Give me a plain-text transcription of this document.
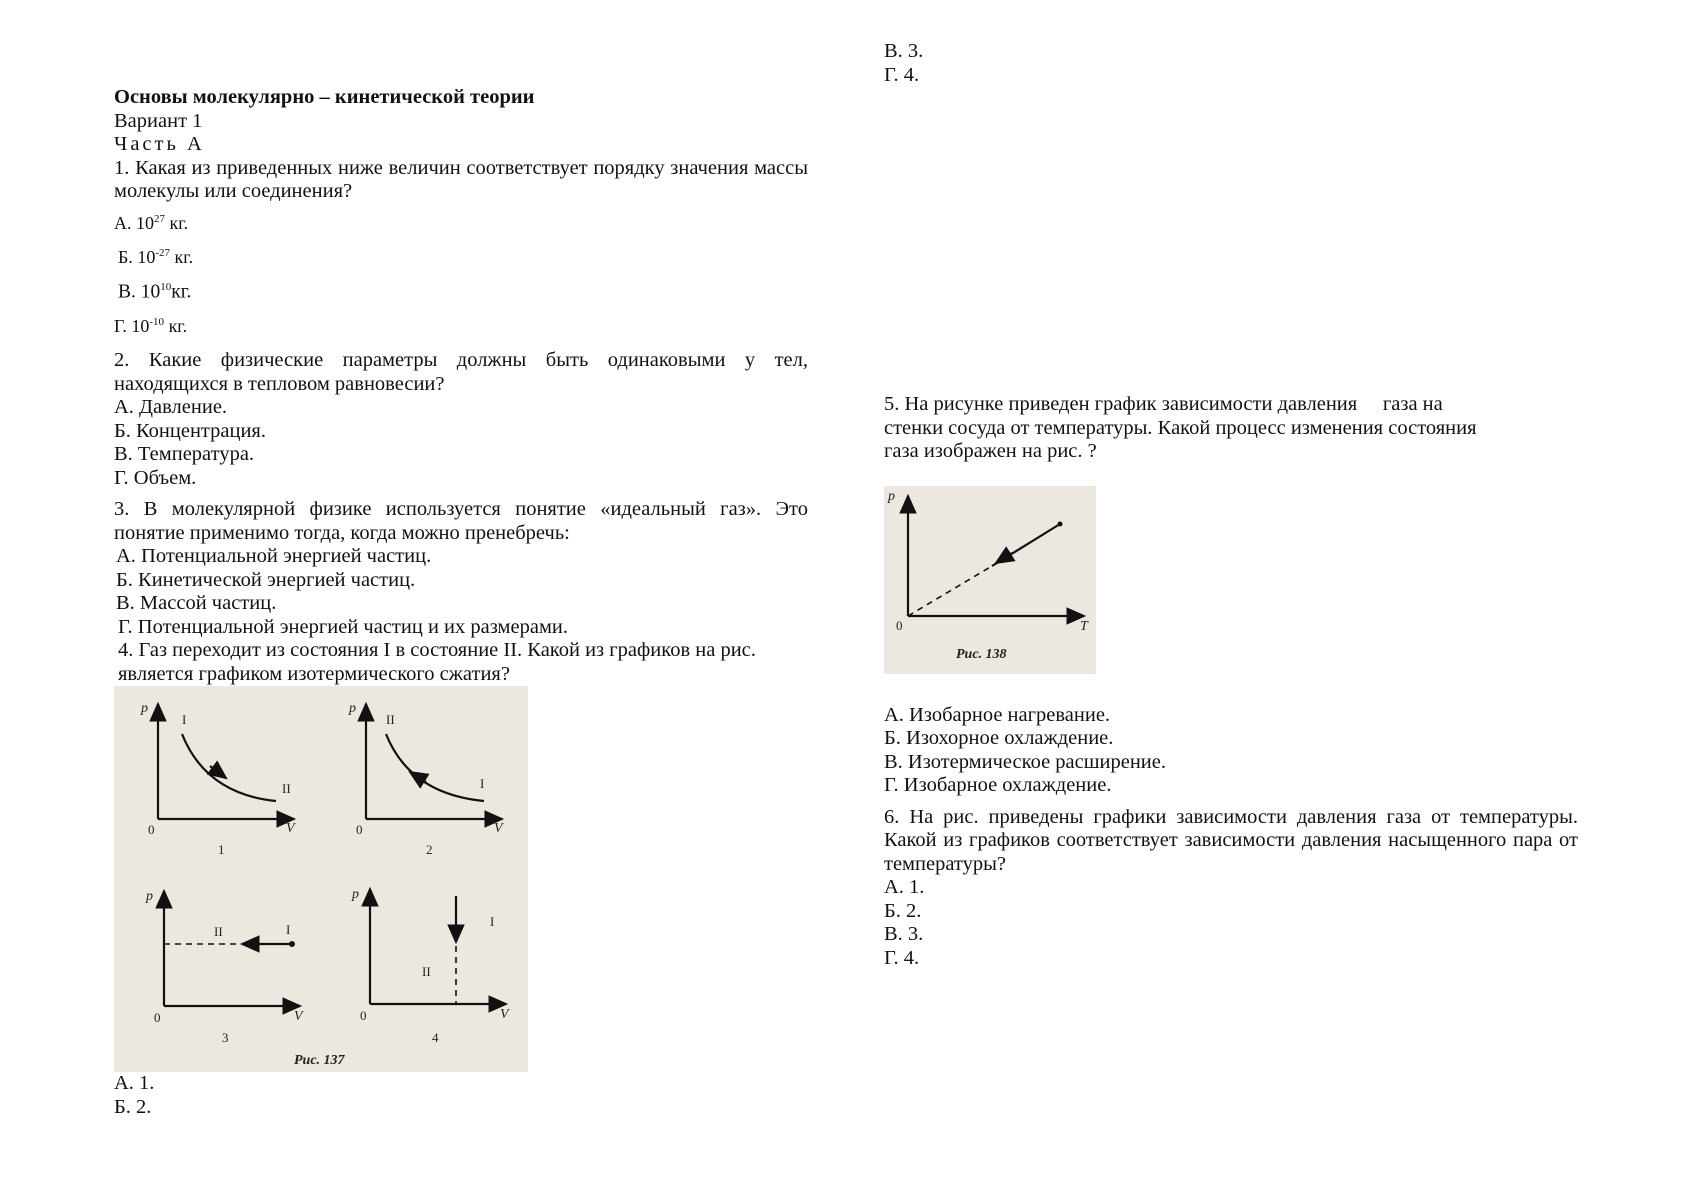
Основы молекулярно – кинетической теории
Вариант 1
Часть А
1. Какая из приведенных ниже величин соответствует порядку значения массы молекулы или соединения?
А. $10^{27}$ кг.
Б. $10^{-27}$ кг.
В. $10^{10}кг$.
Г. $10^{-10}$ кг.
2. Какие физические параметры должны быть одинаковыми у тел, находящихся в тепловом равновесии?
А. Давление.
Б. Концентрация.
В. Температура.
Г. Объем.
3. В молекулярной физике используется понятие «идеальный газ». Это понятие применимо тогда, когда можно пренебречь:
А. Потенциальной энергией частиц.
Б. Кинетической энергией частиц.
В. Массой частиц.
Г. Потенциальной энергией частиц и их размерами.
4. Газ переходит из состояния I в состояние II. Какой из графиков на рис. является графиком изотермического сжатия?
p
I
II
0	V
1
p
II
I
0	V
2
p
II	I
0	V
3
p
I
II
0	V
4
Рис. 137
А. 1.
Б. 2.
В. 3.
Г. 4.
5. На рисунке приведен график зависимости давления     газа на
стенки сосуда от температуры. Какой процесс изменения состояния
газа изображен на рис. ?
p
0	T
Рис. 138
А. Изобарное нагревание.
Б. Изохорное охлаждение.
В. Изотермическое расширение.
Г. Изобарное охлаждение.
6. На рис. приведены графики зависимости давления газа от температуры. Какой из графиков соответствует зависимости давления насыщенного пара от температуры?
А. 1.
Б. 2.
В. 3.
Г. 4.
